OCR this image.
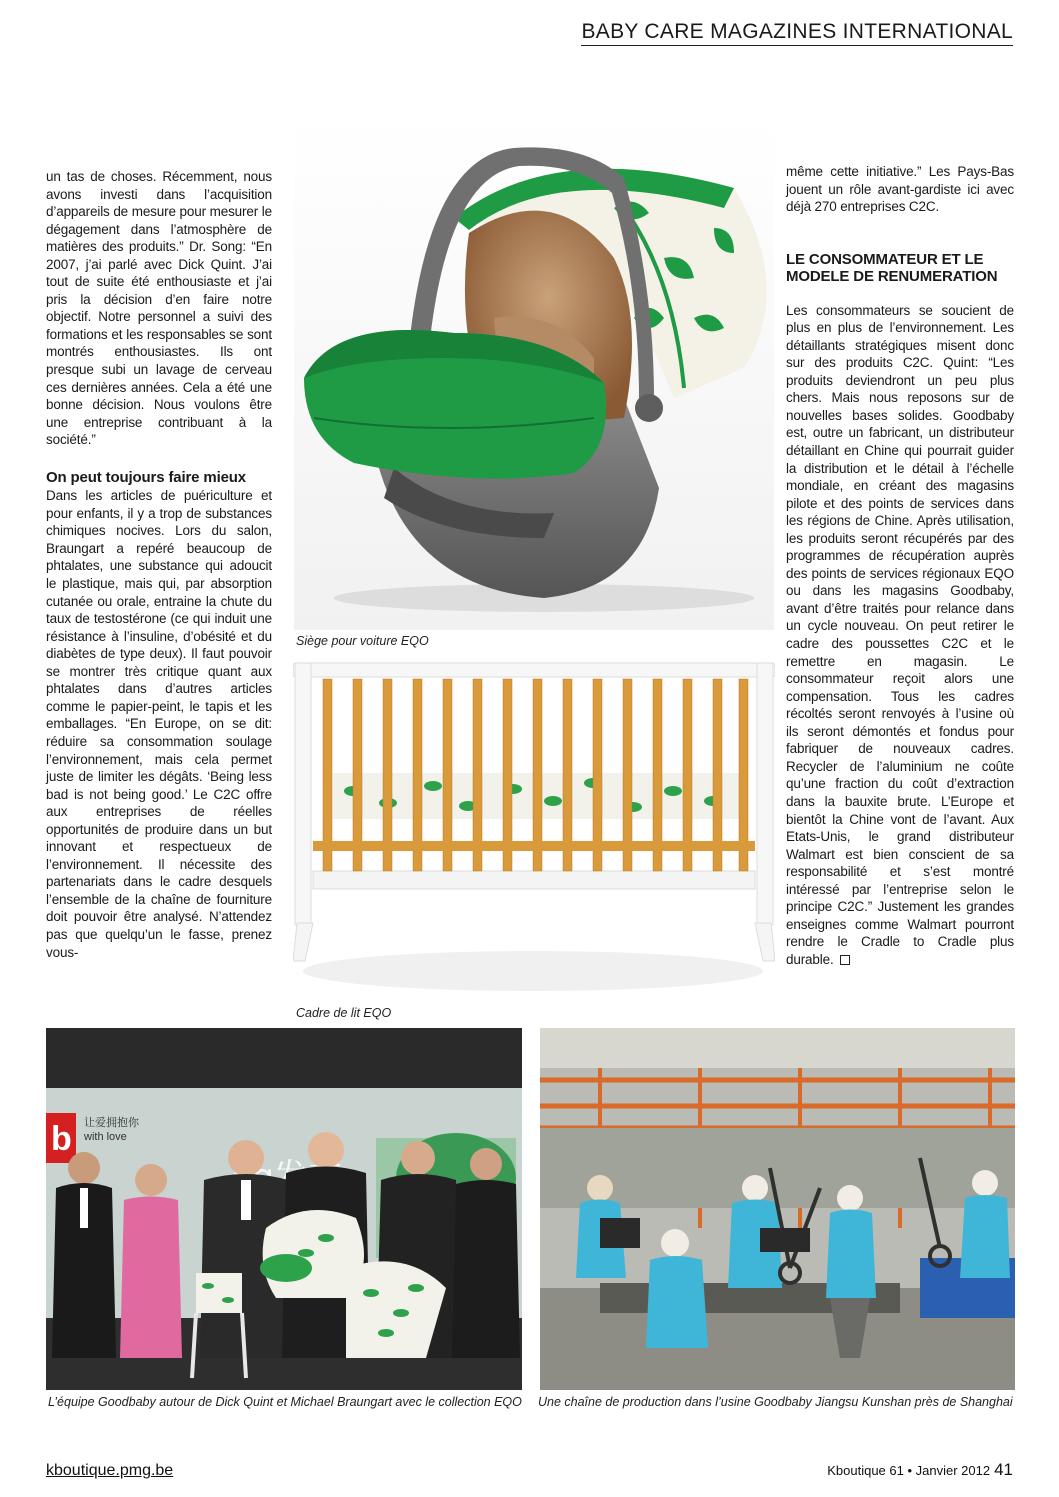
BABY CARE MAGAZINES INTERNATIONAL

un tas de choses. Récemment, nous avons investi dans l’acquisition d’appareils de mesure pour mesurer le dégagement dans l’atmosphère de matières des produits.” Dr. Song: “En 2007, j’ai parlé avec Dick Quint. J’ai tout de suite été enthousiaste et j’ai pris la décision d’en faire notre objectif. Notre personnel a suivi des formations et les responsables se sont montrés enthousiastes. Ils ont presque subi un lavage de cerveau ces dernières années. Cela a été une bonne décision. Nous voulons être une entreprise contribuant à la société.”

On peut toujours faire mieux

Dans les articles de puériculture et pour enfants, il y a trop de substances chimiques nocives. Lors du salon, Braungart a repéré beaucoup de phtalates, une substance qui adoucit le plastique, mais qui, par absorption cutanée ou orale, entraine la chute du taux de testostérone (ce qui induit une résistance à l’insuline, d’obésité et du diabètes de type deux). Il faut pouvoir se montrer très critique quant aux phtalates dans d’autres articles comme le papier-peint, le tapis et les emballages. “En Europe, on se dit: réduire sa consommation soulage l’environnement, mais cela permet juste de limiter les dégâts. ‘Being less bad is not being good.’ Le C2C offre aux entreprises de réelles opportunités de produire dans un but innovant et respectueux de l’environnement. Il nécessite des partenariats dans le cadre desquels l’ensemble de la chaîne de fourniture doit pouvoir être analysé. N’attendez pas que quelqu’un le fasse, prenez vous-

même cette initiative.” Les Pays-Bas jouent un rôle avant-gardiste ici avec déjà 270 entreprises C2C.

LE CONSOMMATEUR ET LE MODELE DE RENUMERATION

Les consommateurs se soucient de plus en plus de l’environnement. Les détaillants stratégiques misent donc sur des produits C2C. Quint: “Les produits deviendront un peu plus chers. Mais nous reposons sur de nouvelles bases solides. Goodbaby est, outre un fabricant, un distributeur détaillant en Chine qui pourrait guider la distribution et le détail à l’échelle mondiale, en créant des magasins pilote et des points de services dans les régions de Chine. Après utilisation, les produits seront récupérés par des programmes de récupération auprès des points de services régionaux EQO ou dans les magasins Goodbaby, avant d’être traités pour relance dans un cycle nouveau. On peut retirer le cadre des poussettes C2C et le remettre en magasin. Le consommateur reçoit alors une compensation. Tous les cadres récoltés seront renvoyés à l’usine où ils seront démontés et fondus pour fabriquer de nouveaux cadres. Recycler de l’aluminium ne coûte qu’une fraction du coût d’extraction dans la bauxite brute. L’Europe et bientôt la Chine vont de l’avant. Aux Etats-Unis, le grand distributeur Walmart est bien conscient de sa responsabilité et s’est montré intéressé par l’entreprise selon le principe C2C.” Justement les grandes enseignes comme Walmart pourront rendre le Cradle to Cradle plus durable.

Siège pour voiture EQO
Cadre de lit EQO
b 让爱拥抱你
with love
L’équipe Goodbaby autour de Dick Quint et Michael Braungart avec le collection EQO Une chaîne de production dans l’usine Goodbaby Jiangsu Kunshan près de Shanghai
kboutique.pmg.be	Kboutique 61 • Janvier 2012 41
